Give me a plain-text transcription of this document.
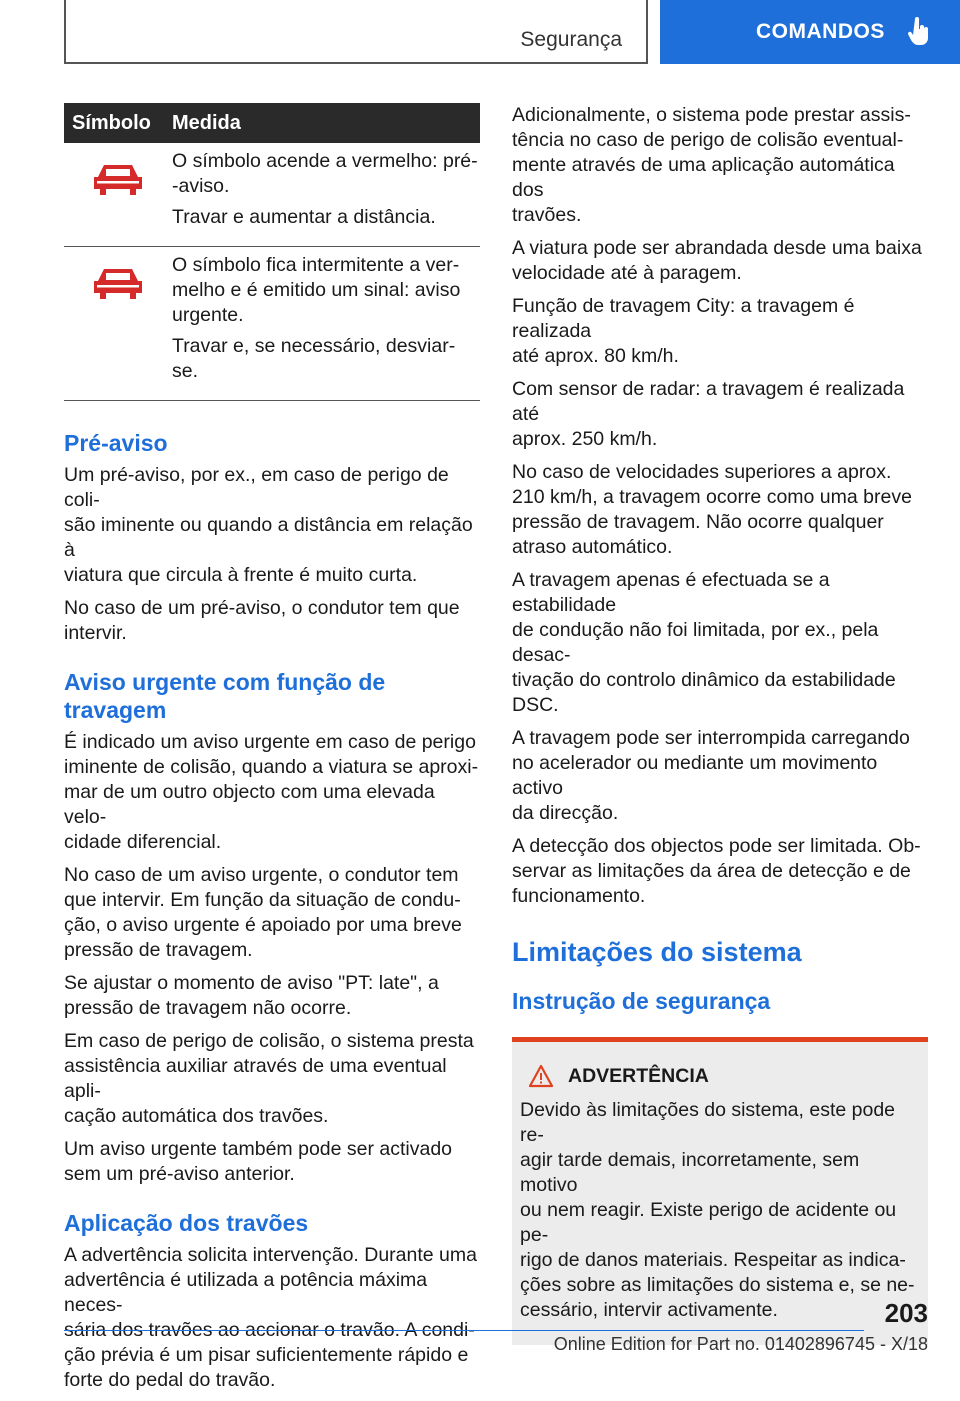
Segurança	COMANDOS
Símbolo	Medida

O símbolo acende a vermelho: pré-
-aviso.

Travar e aumentar a distância.

O símbolo fica intermitente a ver-
melho e é emitido um sinal: aviso
urgente.

Travar e, se necessário, desviar-se.

Pré-aviso

Um pré-aviso, por ex., em caso de perigo de coli-
são iminente ou quando a distância em relação à
viatura que circula à frente é muito curta.

No caso de um pré-aviso, o condutor tem que
intervir.

Aviso urgente com função de
travagem

É indicado um aviso urgente em caso de perigo
iminente de colisão, quando a viatura se aproxi-
mar de um outro objecto com uma elevada velo-
cidade diferencial.

No caso de um aviso urgente, o condutor tem
que intervir. Em função da situação de condu-
ção, o aviso urgente é apoiado por uma breve
pressão de travagem.

Se ajustar o momento de aviso "PT: late", a
pressão de travagem não ocorre.

Em caso de perigo de colisão, o sistema presta
assistência auxiliar através de uma eventual apli-
cação automática dos travões.

Um aviso urgente também pode ser activado
sem um pré-aviso anterior.

Aplicação dos travões

A advertência solicita intervenção. Durante uma
advertência é utilizada a potência máxima neces-
sária dos travões ao accionar o travão. A condi-
ção prévia é um pisar suficientemente rápido e
forte do pedal do travão.

Adicionalmente, o sistema pode prestar assis-
tência no caso de perigo de colisão eventual-
mente através de uma aplicação automática dos
travões.

A viatura pode ser abrandada desde uma baixa
velocidade até à paragem.

Função de travagem City: a travagem é realizada
até aprox. 80 km/h.

Com sensor de radar: a travagem é realizada até
aprox. 250 km/h.

No caso de velocidades superiores a aprox.
210 km/h, a travagem ocorre como uma breve
pressão de travagem. Não ocorre qualquer
atraso automático.

A travagem apenas é efectuada se a estabilidade
de condução não foi limitada, por ex., pela desac-
tivação do controlo dinâmico da estabilidade
DSC.

A travagem pode ser interrompida carregando
no acelerador ou mediante um movimento activo
da direcção.

A detecção dos objectos pode ser limitada. Ob-
servar as limitações da área de detecção e de
funcionamento.

Limitações do sistema
Instrução de segurança
ADVERTÊNCIA

Devido às limitações do sistema, este pode re-
agir tarde demais, incorretamente, sem motivo
ou nem reagir. Existe perigo de acidente ou pe-
rigo de danos materiais. Respeitar as indica-
ções sobre as limitações do sistema e, se ne-
cessário, intervir activamente.	203
Online Edition for Part no. 01402896745 - X/18
